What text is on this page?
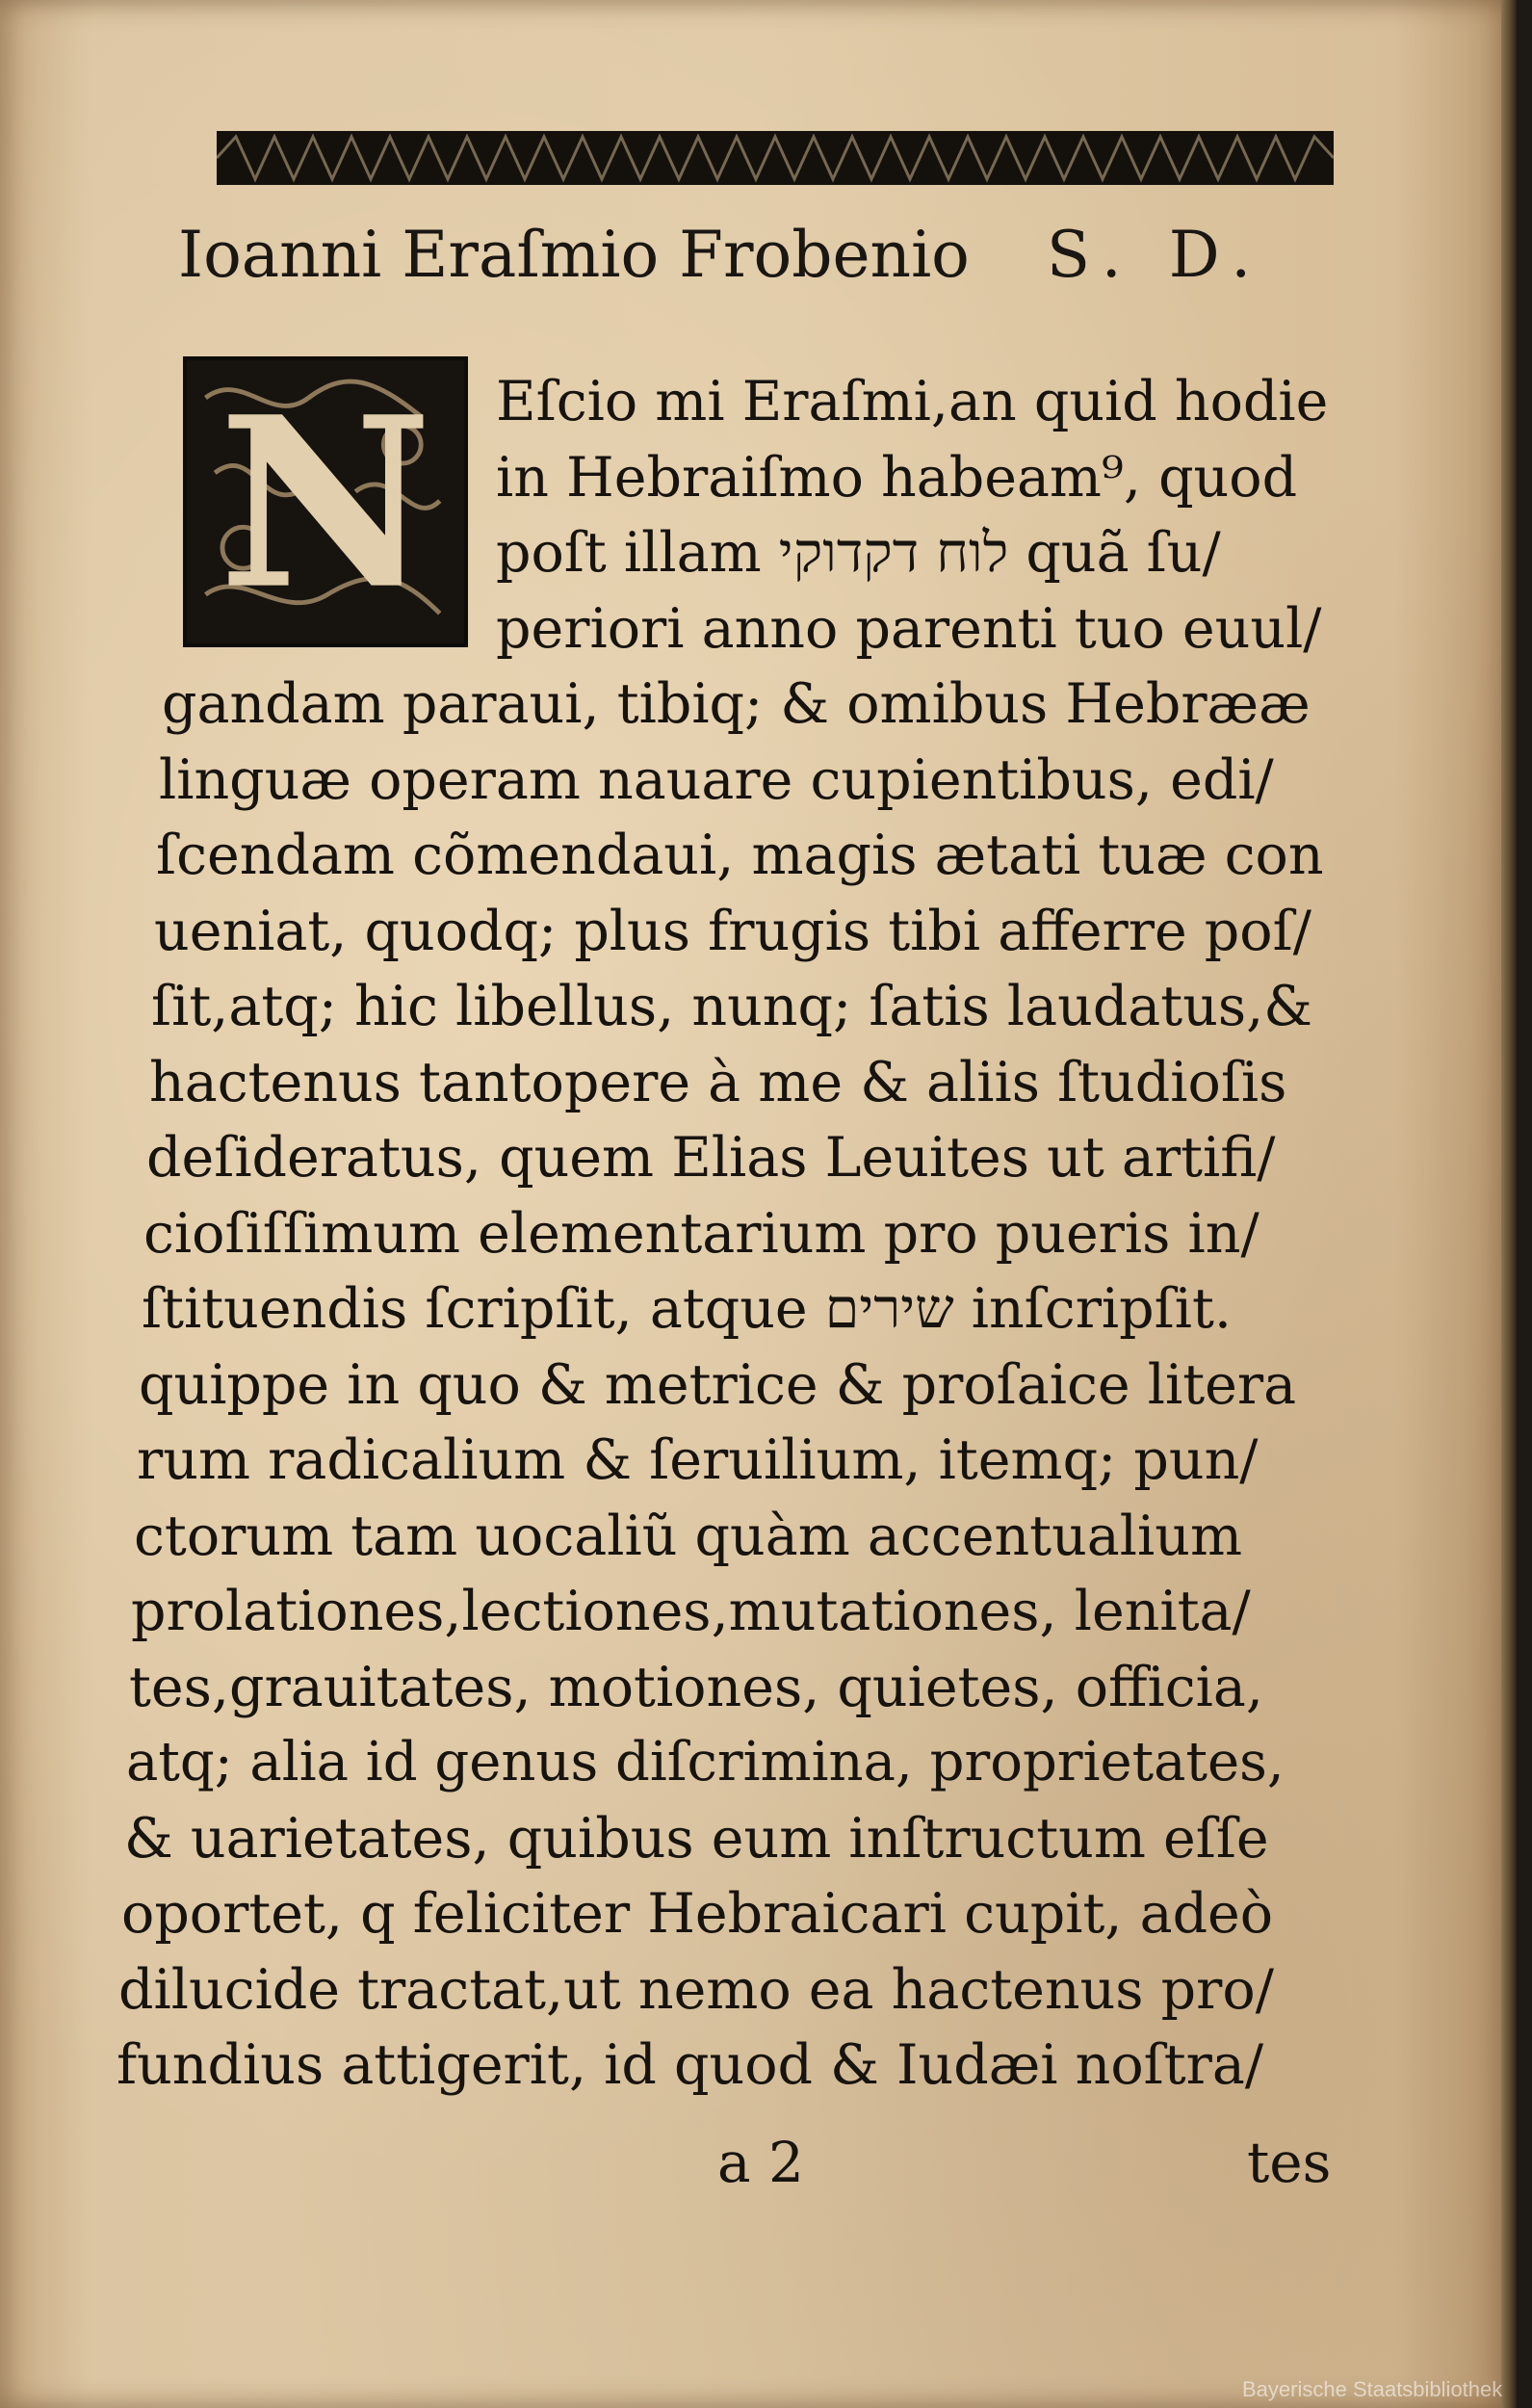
Ioanni Eraſmio Frobenio S. D.
N Eſcio mi Eraſmi,an quid hodie
in Hebraiſmo habeam⁹, quod
poſt illam לוח דקדוקי quã ſu/
periori anno parenti tuo euul/
gandam paraui, tibiq; & omibus Hebrææ
linguæ operam nauare cupientibus, edi/
ſcendam cõmendaui, magis ætati tuæ con
ueniat, quodq; plus frugis tibi afferre poſ/
ſit,atq; hic libellus, nunq; ſatis laudatus,&
hactenus tantopere à me & aliis ſtudioſis
deſideratus, quem Elias Leuites ut artifi/
cioſiſſimum elementarium pro pueris in/
ſtituendis ſcripſit, atque שירים inſcripſit.
quippe in quo & metrice & proſaice litera
rum radicalium & ſeruilium, itemq; pun/
ctorum tam uocaliũ quàm accentualium
prolationes,lectiones,mutationes, lenita/
tes,grauitates, motiones, quietes, officia,
atq; alia id genus diſcrimina, proprietates,
& uarietates, quibus eum inſtructum eſſe
oportet, q feliciter Hebraicari cupit, adeò
dilucide tractat,ut nemo ea hactenus pro/
fundius attigerit, id quod & Iudæi noſtra/
a 2	tes
Bayerische Staatsbibliothek
